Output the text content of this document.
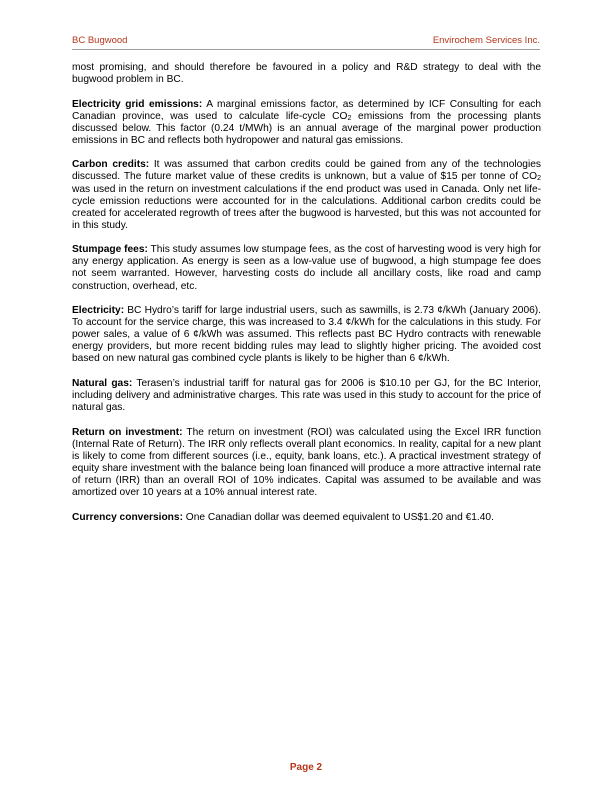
BC Bugwood	Envirochem Services Inc.

most promising, and should therefore be favoured in a policy and R&D strategy to deal with the bugwood problem in BC.

Electricity grid emissions: A marginal emissions factor, as determined by ICF Consulting for each Canadian province, was used to calculate life-cycle $CO_2$ emissions from the processing plants discussed below. This factor (0.24 t/MWh) is an annual average of the marginal power production emissions in BC and reflects both hydropower and natural gas emissions.

Carbon credits: It was assumed that carbon credits could be gained from any of the technologies discussed. The future market value of these credits is unknown, but a value of $15 per tonne of $CO_2$ was used in the return on investment calculations if the end product was used in Canada. Only net life-cycle emission reductions were accounted for in the calculations. Additional carbon credits could be created for accelerated regrowth of trees after the bugwood is harvested, but this was not accounted for in this study.

Stumpage fees: This study assumes low stumpage fees, as the cost of harvesting wood is very high for any energy application. As energy is seen as a low-value use of bugwood, a high stumpage fee does not seem warranted. However, harvesting costs do include all ancillary costs, like road and camp construction, overhead, etc.

Electricity: BC Hydro’s tariff for large industrial users, such as sawmills, is 2.73 ¢/kWh (January 2006). To account for the service charge, this was increased to 3.4 ¢/kWh for the calculations in this study. For power sales, a value of 6 ¢/kWh was assumed. This reflects past BC Hydro contracts with renewable energy providers, but more recent bidding rules may lead to slightly higher pricing. The avoided cost based on new natural gas combined cycle plants is likely to be higher than 6 ¢/kWh.

Natural gas: Terasen’s industrial tariff for natural gas for 2006 is $10.10 per GJ, for the BC Interior, including delivery and administrative charges. This rate was used in this study to account for the price of natural gas.

Return on investment: The return on investment (ROI) was calculated using the Excel IRR function (Internal Rate of Return). The IRR only reflects overall plant economics. In reality, capital for a new plant is likely to come from different sources (i.e., equity, bank loans, etc.). A practical investment strategy of equity share investment with the balance being loan financed will produce a more attractive internal rate of return (IRR) than an overall ROI of 10% indicates. Capital was assumed to be available and was amortized over 10 years at a 10% annual interest rate.

Currency conversions: One Canadian dollar was deemed equivalent to US$1.20 and €1.40.

Page 2
